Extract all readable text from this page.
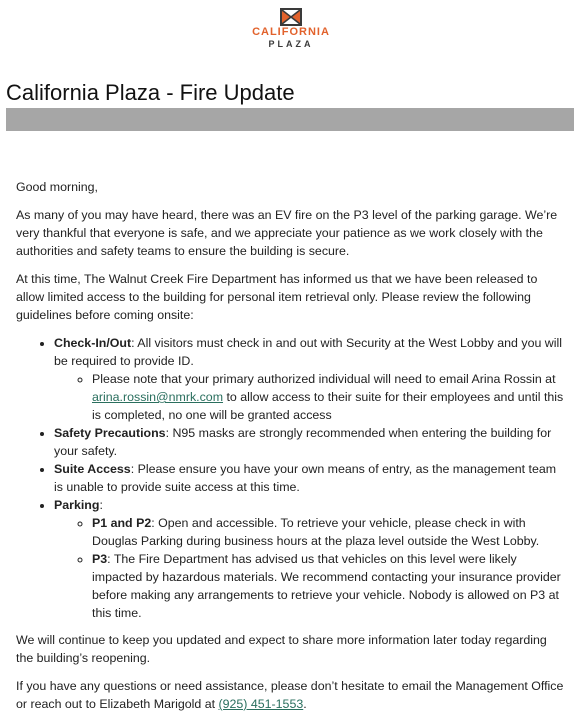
CALIFORNIA
PLAZA
California Plaza - Fire Update

Good morning,

As many of you may have heard, there was an EV fire on the P3 level of the parking garage. We’re very thankful that everyone is safe, and we appreciate your patience as we work closely with the authorities and safety teams to ensure the building is secure.

At this time, The Walnut Creek Fire Department has informed us that we have been released to allow limited access to the building for personal item retrieval only. Please review the following guidelines before coming onsite:

• Check-In/Out: All visitors must check in and out with Security at the West Lobby and you will be required to provide ID.
◦ Please note that your primary authorized individual will need to email Arina Rossin at arina.rossin@nmrk.com to allow access to their suite for their employees and until this is completed, no one will be granted access
• Safety Precautions: N95 masks are strongly recommended when entering the building for your safety.
• Suite Access: Please ensure you have your own means of entry, as the management team is unable to provide suite access at this time.
• Parking:
◦ P1 and P2: Open and accessible. To retrieve your vehicle, please check in with Douglas Parking during business hours at the plaza level outside the West Lobby.
◦ P3: The Fire Department has advised us that vehicles on this level were likely impacted by hazardous materials. We recommend contacting your insurance provider before making any arrangements to retrieve your vehicle. Nobody is allowed on P3 at this time.

We will continue to keep you updated and expect to share more information later today regarding the building’s reopening.

If you have any questions or need assistance, please don’t hesitate to email the Management Office or reach out to Elizabeth Marigold at (925) 451-1553.
